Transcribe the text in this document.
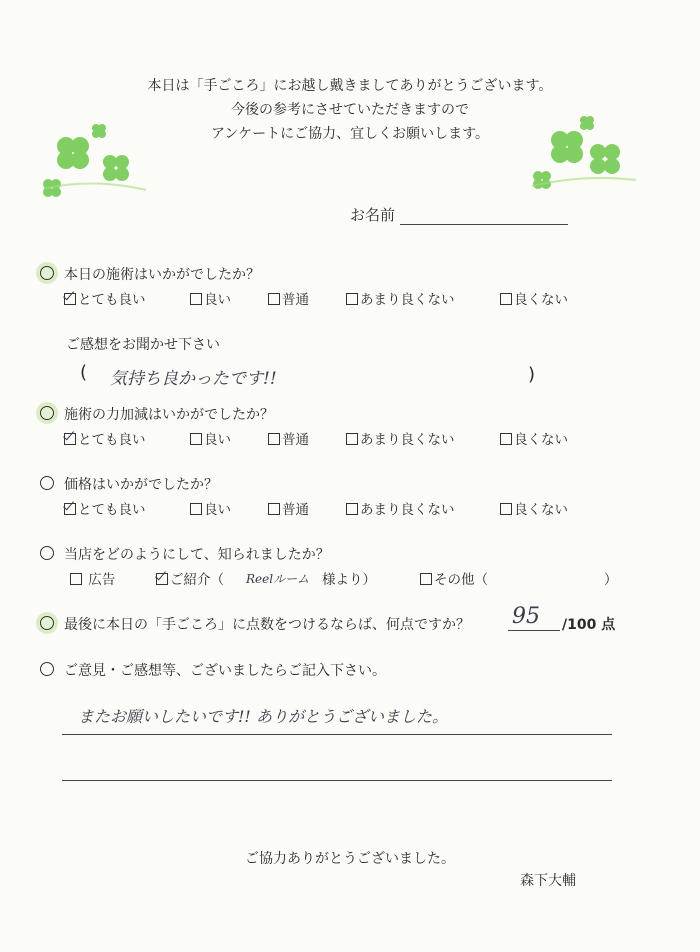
本日は「手ごころ」にお越し戴きましてありがとうございます。
今後の参考にさせていただきますので
アンケートにご協力、宜しくお願いします。
お名前
本日の施術はいかがでしたか？
とても良い	良い	普通	あまり良くない	良くない
ご感想をお聞かせ下さい
( 気持ち良かったです!!	)
施術の力加減はいかがでしたか？
とても良い	良い	普通	あまり良くない	良くない
価格はいかがでしたか？
とても良い	良い	普通	あまり良くない	良くない
当店をどのようにして、知られましたか？
広告	ご紹介（ Reelルーム 様より）	その他（	）
最後に本日の「手ごころ」に点数をつけるならば、何点ですか？ 95 /100 点
ご意見・ご感想等、ございましたらご記入下さい。
またお願いしたいです!! ありがとうございました。
ご協力ありがとうございました。
森下大輔
